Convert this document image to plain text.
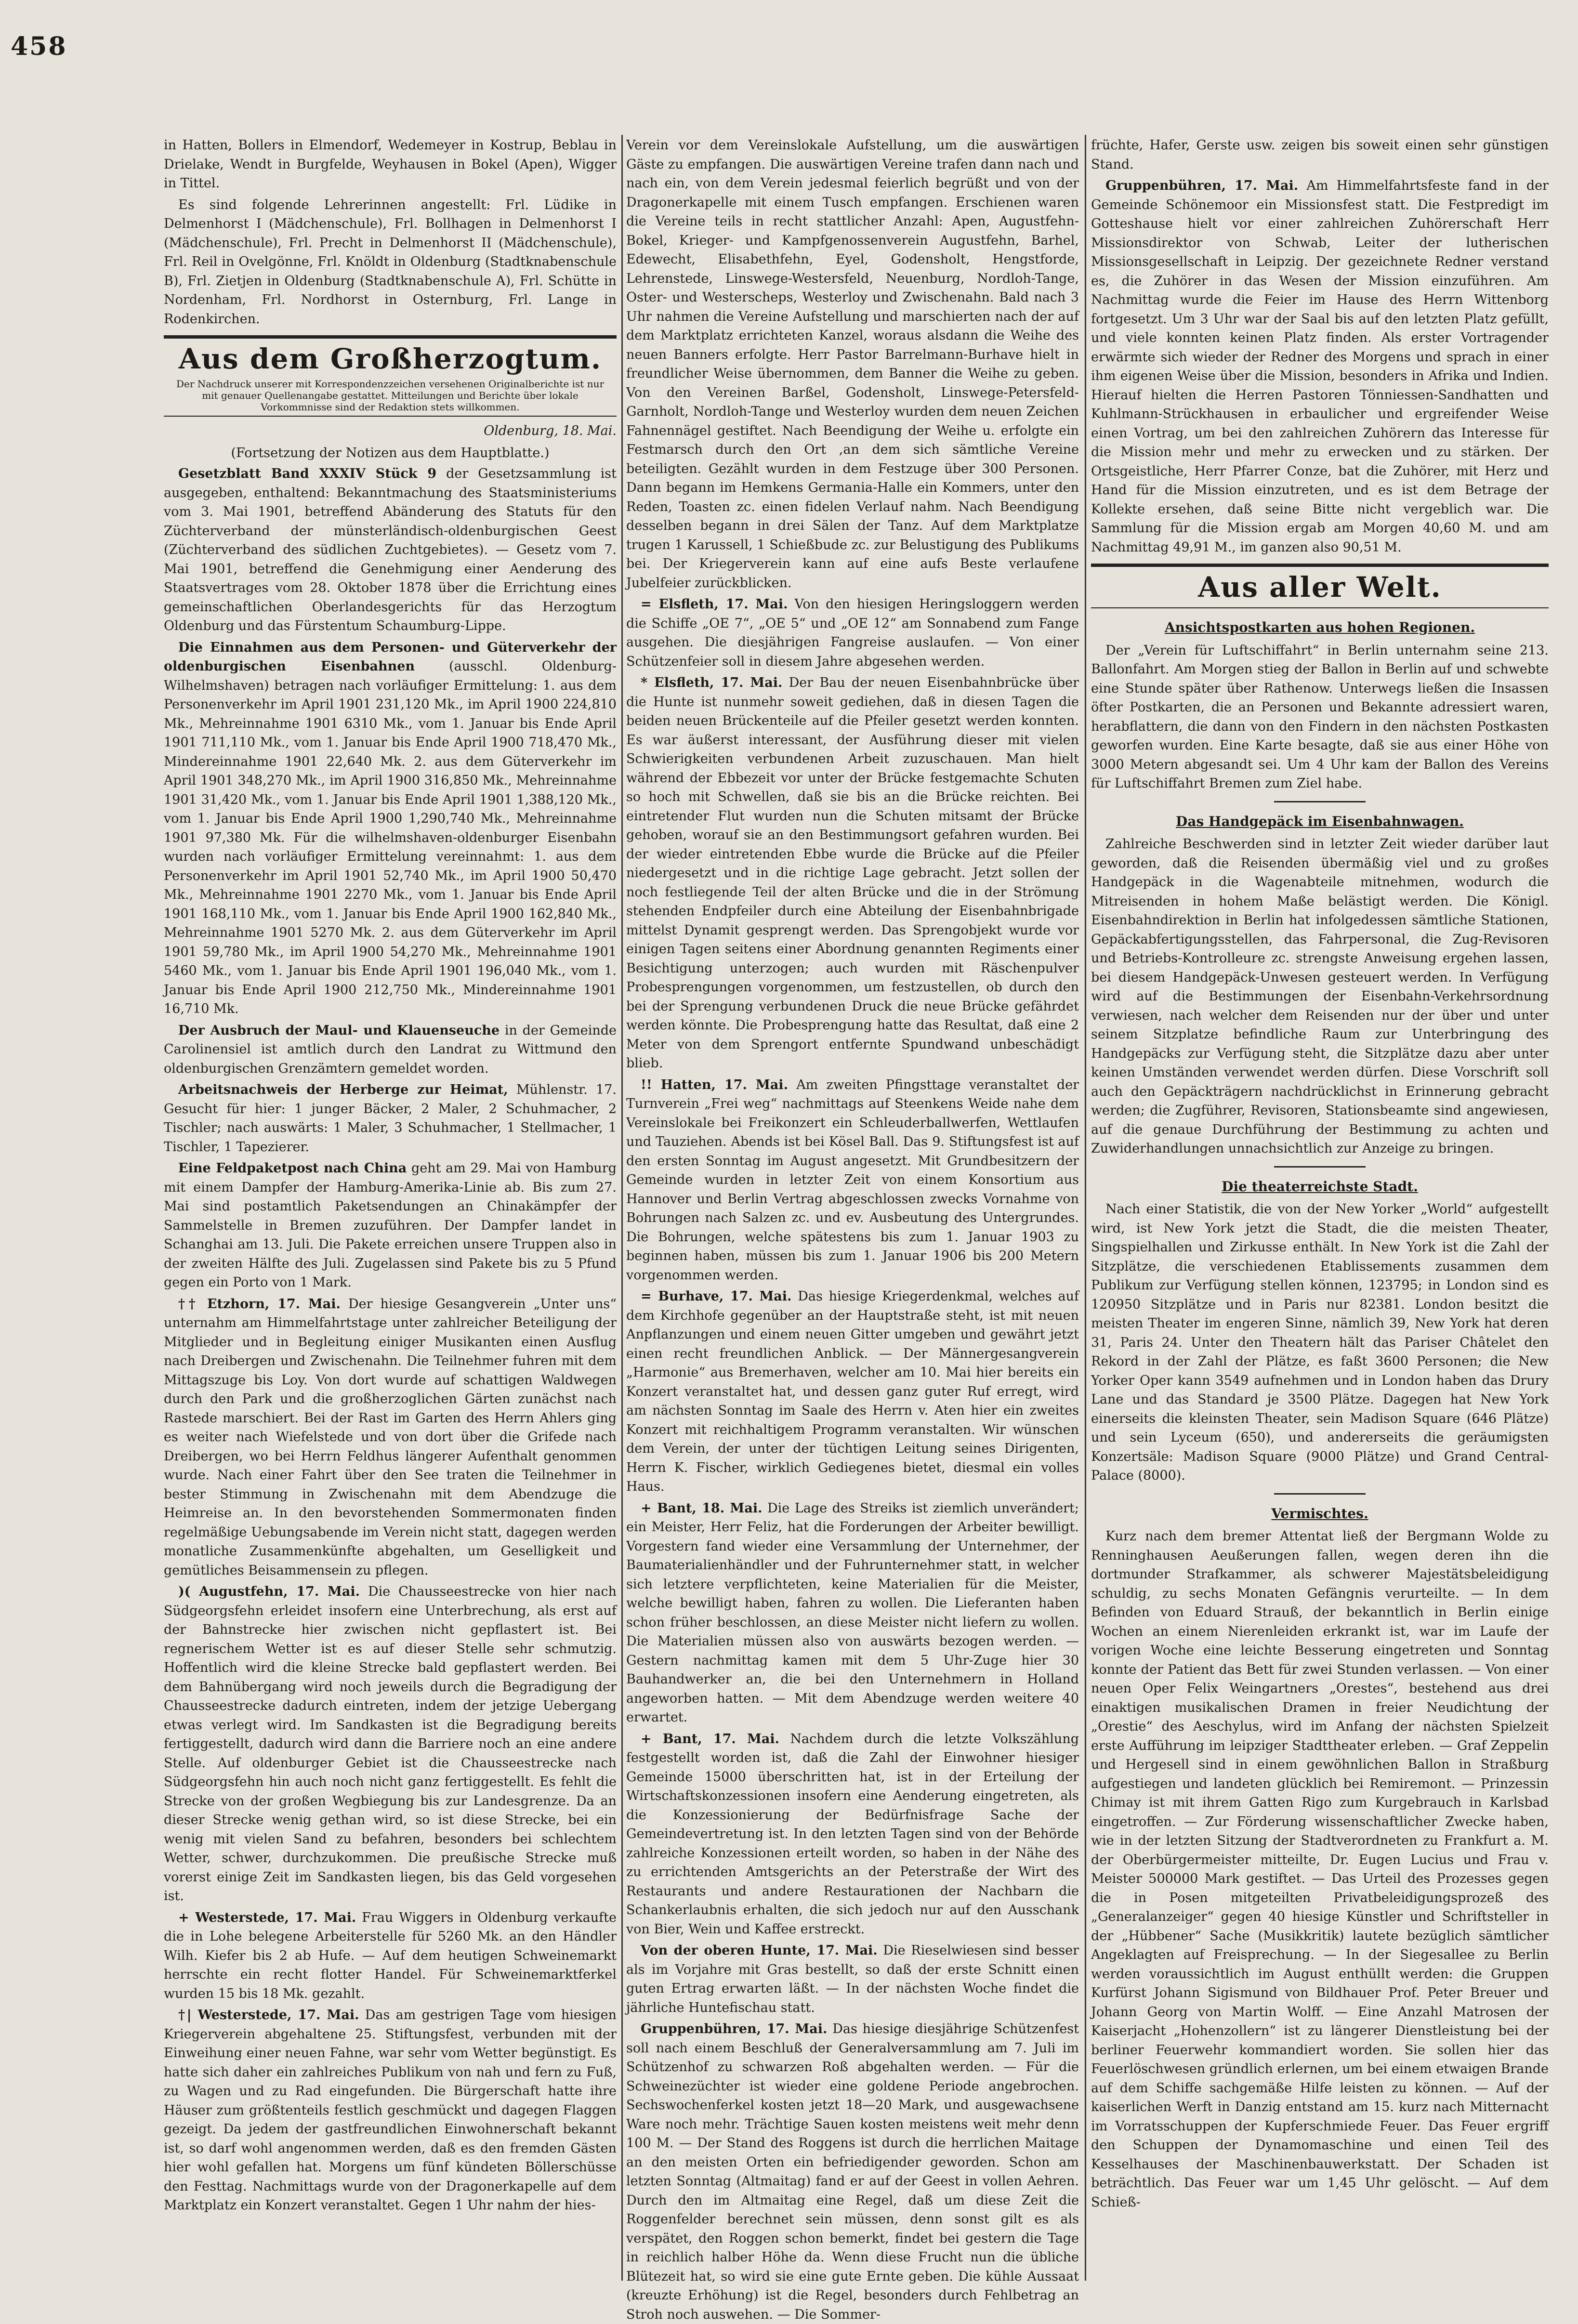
458

in Hatten, Bollers in Elmendorf, Wedemeyer in Kostrup, Beblau in Drielake, Wendt in Burgfelde, Weyhausen in Bokel (Apen), Wigger in Tittel.

Es sind folgende Lehrerinnen angestellt: Frl. Lüdike in Delmenhorst I (Mädchenschule), Frl. Bollhagen in Delmenhorst I (Mädchenschule), Frl. Precht in Delmenhorst II (Mädchenschule), Frl. Reil in Ovelgönne, Frl. Knöldt in Oldenburg (Stadtknabenschule B), Frl. Zietjen in Oldenburg (Stadtknabenschule A), Frl. Schütte in Nordenham, Frl. Nordhorst in Osternburg, Frl. Lange in Rodenkirchen.

Aus dem Großherzogtum.
Der Nachdruck unserer mit Korrespondenzzeichen versehenen Originalberichte ist nur mit genauer Quellenangabe gestattet. Mitteilungen und Berichte über lokale Vorkommnisse sind der Redaktion stets willkommen.
Oldenburg, 18. Mai.
(Fortsetzung der Notizen aus dem Hauptblatte.)

Gesetzblatt Band XXXIV Stück 9 der Gesetzsammlung ist ausgegeben, enthaltend: Bekanntmachung des Staatsministeriums vom 3. Mai 1901, betreffend Abänderung des Statuts für den Züchterverband der münsterländisch-oldenburgischen Geest (Züchterverband des südlichen Zuchtgebietes). — Gesetz vom 7. Mai 1901, betreffend die Genehmigung einer Aenderung des Staatsvertrages vom 28. Oktober 1878 über die Errichtung eines gemeinschaftlichen Oberlandesgerichts für das Herzogtum Oldenburg und das Fürstentum Schaumburg-Lippe.

Die Einnahmen aus dem Personen- und Güterverkehr der oldenburgischen Eisenbahnen	(ausschl. Oldenburg-Wilhelmshaven) betragen nach vorläufiger Ermittelung: 1. aus dem Personenverkehr im April 1901 231,120 Mk., im April 1900 224,810 Mk., Mehreinnahme 1901 6310 Mk., vom 1. Januar bis Ende April 1901 711,110 Mk., vom 1. Januar bis Ende April 1900 718,470 Mk., Mindereinnahme 1901 22,640 Mk. 2. aus dem Güterverkehr im April 1901 348,270 Mk., im April 1900 316,850 Mk., Mehreinnahme 1901 31,420 Mk., vom 1. Januar bis Ende April 1901 1,388,120 Mk., vom 1. Januar bis Ende April 1900 1,290,740 Mk., Mehreinnahme 1901 97,380 Mk. Für die wilhelmshaven-oldenburger Eisenbahn wurden nach vorläufiger Ermittelung vereinnahmt: 1. aus dem Personenverkehr im April 1901 52,740 Mk., im April 1900 50,470 Mk., Mehreinnahme 1901 2270 Mk., vom 1. Januar bis Ende April 1901 168,110 Mk., vom 1. Januar bis Ende April 1900 162,840 Mk., Mehreinnahme 1901 5270 Mk. 2. aus dem Güterverkehr im April 1901 59,780 Mk., im April 1900 54,270 Mk., Mehreinnahme 1901 5460 Mk., vom 1. Januar bis Ende April 1901 196,040 Mk., vom 1. Januar bis Ende April 1900 212,750 Mk., Mindereinnahme 1901 16,710 Mk.

Der Ausbruch der Maul- und Klauenseuche in der Gemeinde Carolinensiel ist amtlich durch den Landrat zu Wittmund den oldenburgischen Grenzämtern gemeldet worden.

Arbeitsnachweis der Herberge zur Heimat, Mühlenstr. 17. Gesucht für hier: 1 junger Bäcker, 2 Maler, 2 Schuhmacher, 2 Tischler; nach auswärts: 1 Maler, 3 Schuhmacher, 1 Stellmacher, 1 Tischler, 1 Tapezierer.

Eine Feldpaketpost nach China geht am 29. Mai von Hamburg mit einem Dampfer der Hamburg-Amerika-Linie ab. Bis zum 27. Mai sind postamtlich Paketsendungen an Chinakämpfer der Sammelstelle in Bremen zuzuführen. Der Dampfer landet in Schanghai am 13. Juli. Die Pakete erreichen unsere Truppen also in der zweiten Hälfte des Juli. Zugelassen sind Pakete bis zu 5 Pfund gegen ein Porto von 1 Mark.

†† Etzhorn, 17. Mai. Der hiesige Gesangverein „Unter uns“ unternahm am Himmelfahrtstage unter zahlreicher Beteiligung der Mitglieder und in Begleitung einiger Musikanten einen Ausflug nach Dreibergen und Zwischenahn. Die Teilnehmer fuhren mit dem Mittagszuge bis Loy. Von dort wurde auf schattigen Waldwegen durch den Park und die großherzoglichen Gärten zunächst nach Rastede marschiert. Bei der Rast im Garten des Herrn Ahlers ging es weiter nach Wiefelstede und von dort über die Grifede nach Dreibergen, wo bei Herrn Feldhus längerer Aufenthalt genommen wurde. Nach einer Fahrt über den See traten die Teilnehmer in bester Stimmung in Zwischenahn mit dem Abendzuge die Heimreise an. In den bevorstehenden Sommermonaten finden regelmäßige Uebungsabende im Verein nicht statt, dagegen werden monatliche Zusammenkünfte abgehalten, um Geselligkeit und gemütliches Beisammensein zu pflegen.

)( Augustfehn, 17. Mai. Die Chausseestrecke von hier nach Südgeorgsfehn erleidet insofern eine Unterbrechung, als erst auf der Bahnstrecke hier zwischen nicht gepflastert ist. Bei regnerischem Wetter ist es auf dieser Stelle sehr schmutzig. Hoffentlich wird die kleine Strecke bald gepflastert werden. Bei dem Bahnübergang wird noch jeweils durch die Begradigung der Chausseestrecke dadurch eintreten, indem der jetzige Uebergang etwas verlegt wird. Im Sandkasten ist die Begradigung bereits fertiggestellt, dadurch wird dann die Barriere noch an eine andere Stelle. Auf oldenburger Gebiet ist die Chausseestrecke nach Südgeorgsfehn hin auch noch nicht ganz fertiggestellt. Es fehlt die Strecke von der großen Wegbiegung bis zur Landesgrenze. Da an dieser Strecke wenig gethan wird, so ist diese Strecke, bei ein wenig mit vielen Sand zu befahren, besonders bei schlechtem Wetter, schwer, durchzukommen. Die preußische Strecke muß vorerst einige Zeit im Sandkasten liegen, bis das Geld vorgesehen ist.

+ Westerstede, 17. Mai. Frau Wiggers in Oldenburg verkaufte die in Lohe belegene Arbeiterstelle für 5260 Mk. an den Händler Wilh. Kiefer bis 2 ab Hufe. — Auf dem heutigen Schweinemarkt herrschte ein recht flotter Handel. Für Schweinemarktferkel wurden 15 bis 18 Mk. gezahlt.

†| Westerstede, 17. Mai. Das am gestrigen Tage vom hiesigen Kriegerverein abgehaltene 25. Stiftungsfest, verbunden mit der Einweihung einer neuen Fahne, war sehr vom Wetter begünstigt. Es hatte sich daher ein zahlreiches Publikum von nah und fern zu Fuß, zu Wagen und zu Rad eingefunden. Die Bürgerschaft hatte ihre Häuser zum größtenteils festlich geschmückt und dagegen Flaggen gezeigt. Da jedem der gastfreundlichen Einwohnerschaft bekannt ist, so darf wohl angenommen werden, daß es den fremden Gästen hier wohl gefallen hat. Morgens um fünf kündeten Böllerschüsse den Festtag. Nachmittags wurde von der Dragonerkapelle auf dem Marktplatz ein Konzert veranstaltet. Gegen 1 Uhr nahm der hies-

Verein vor dem Vereinslokale Aufstellung, um die auswärtigen Gäste zu empfangen. Die auswärtigen Vereine trafen dann nach und nach ein, von dem Verein jedesmal feierlich begrüßt und von der Dragonerkapelle mit einem Tusch empfangen. Erschienen waren die Vereine teils in recht stattlicher Anzahl: Apen, Augustfehn-Bokel, Krieger- und Kampfgenossenverein Augustfehn, Barhel, Edewecht, Elisabethfehn, Eyel, Godensholt, Hengstforde, Lehrenstede, Linswege-Westersfeld, Neuenburg, Nordloh-Tange, Oster- und Westerscheps, Westerloy und Zwischenahn. Bald nach 3 Uhr nahmen die Vereine Aufstellung und marschierten nach der auf dem Marktplatz errichteten Kanzel, woraus alsdann die Weihe des neuen Banners erfolgte. Herr Pastor Barrelmann-Burhave hielt in freundlicher Weise übernommen, dem Banner die Weihe zu geben. Von den Vereinen Barßel, Godensholt, Linswege-Petersfeld-Garnholt, Nordloh-Tange und Westerloy wurden dem neuen Zeichen Fahnennägel gestiftet. Nach Beendigung der Weihe u. erfolgte ein Festmarsch durch den Ort ,an dem sich sämtliche Vereine beteiligten. Gezählt wurden in dem Festzuge über 300 Personen. Dann begann im Hemkens Germania-Halle ein Kommers, unter den Reden, Toasten zc. einen fidelen Verlauf nahm. Nach Beendigung desselben begann in drei Sälen der Tanz. Auf dem Marktplatze trugen 1 Karussell, 1 Schießbude zc. zur Belustigung des Publikums bei. Der Kriegerverein kann auf eine aufs Beste verlaufene Jubelfeier zurückblicken.

= Elsfleth, 17. Mai. Von den hiesigen Heringsloggern werden die Schiffe „OE 7“, „OE 5“ und „OE 12“ am Sonnabend zum Fange ausgehen. Die diesjährigen Fangreise auslaufen. — Von einer Schützenfeier soll in diesem Jahre abgesehen werden.

* Elsfleth, 17. Mai. Der Bau der neuen Eisenbahnbrücke über die Hunte ist nunmehr soweit gediehen, daß in diesen Tagen die beiden neuen Brückenteile auf die Pfeiler gesetzt werden konnten. Es war äußerst interessant, der Ausführung dieser mit vielen Schwierigkeiten verbundenen Arbeit zuzuschauen. Man hielt während der Ebbezeit vor unter der Brücke festgemachte Schuten so hoch mit Schwellen, daß sie bis an die Brücke reichten. Bei eintretender Flut wurden nun die Schuten mitsamt der Brücke gehoben, worauf sie an den Bestimmungsort gefahren wurden. Bei der wieder eintretenden Ebbe wurde die Brücke auf die Pfeiler niedergesetzt und in die richtige Lage gebracht. Jetzt sollen der noch festliegende Teil der alten Brücke und die in der Strömung stehenden Endpfeiler durch eine Abteilung der Eisenbahnbrigade mittelst Dynamit gesprengt werden. Das Sprengobjekt wurde vor einigen Tagen seitens einer Abordnung genannten Regiments einer Besichtigung unterzogen; auch wurden mit Räschenpulver Probesprengungen vorgenommen, um festzustellen, ob durch den bei der Sprengung verbundenen Druck die neue Brücke gefährdet werden könnte. Die Probesprengung hatte das Resultat, daß eine 2 Meter von dem Sprengort entfernte Spundwand unbeschädigt blieb.

!! Hatten, 17. Mai. Am zweiten Pfingsttage veranstaltet der Turnverein „Frei weg“ nachmittags auf Steenkens Weide nahe dem Vereinslokale bei Freikonzert ein Schleuderballwerfen, Wettlaufen und Tauziehen. Abends ist bei Kösel Ball. Das 9. Stiftungsfest ist auf den ersten Sonntag im August angesetzt. Mit Grundbesitzern der Gemeinde wurden in letzter Zeit von einem Konsortium aus Hannover und Berlin Vertrag abgeschlossen zwecks Vornahme von Bohrungen nach Salzen zc. und ev. Ausbeutung des Untergrundes. Die Bohrungen, welche spätestens bis zum 1. Januar 1903 zu beginnen haben, müssen bis zum 1. Januar 1906 bis 200 Metern vorgenommen werden.

= Burhave, 17. Mai. Das hiesige Kriegerdenkmal, welches auf dem Kirchhofe gegenüber an der Hauptstraße steht, ist mit neuen Anpflanzungen und einem neuen Gitter umgeben und gewährt jetzt einen recht freundlichen Anblick. — Der Männergesangverein „Harmonie“ aus Bremerhaven, welcher am 10. Mai hier bereits ein Konzert veranstaltet hat, und dessen ganz guter Ruf erregt, wird am nächsten Sonntag im Saale des Herrn v. Aten hier ein zweites Konzert mit reichhaltigem Programm veranstalten. Wir wünschen dem Verein, der unter der tüchtigen Leitung seines Dirigenten, Herrn K. Fischer, wirklich Gediegenes bietet, diesmal ein volles Haus.

+ Bant, 18. Mai. Die Lage des Streiks ist ziemlich unverändert; ein Meister, Herr Feliz, hat die Forderungen der Arbeiter bewilligt. Vorgestern fand wieder eine Versammlung der Unternehmer, der Baumaterialienhändler und der Fuhrunternehmer statt, in welcher sich letztere verpflichteten, keine Materialien für die Meister, welche bewilligt haben, fahren zu wollen. Die Lieferanten haben schon früher beschlossen, an diese Meister nicht liefern zu wollen. Die Materialien müssen also von auswärts bezogen werden. — Gestern nachmittag kamen mit dem 5 Uhr-Zuge hier 30 Bauhandwerker an, die bei den Unternehmern in Holland angeworben hatten. — Mit dem Abendzuge werden weitere 40 erwartet.

+ Bant, 17. Mai. Nachdem durch die letzte Volkszählung festgestellt worden ist, daß die Zahl der Einwohner hiesiger Gemeinde 15000 überschritten hat, ist in der Erteilung der Wirtschaftskonzessionen insofern eine Aenderung eingetreten, als die Konzessionierung der Bedürfnisfrage Sache der Gemeindevertretung ist. In den letzten Tagen sind von der Behörde zahlreiche Konzessionen erteilt worden, so haben in der Nähe des zu errichtenden Amtsgerichts an der Peterstraße der Wirt des Restaurants und andere Restaurationen der Nachbarn die Schankerlaubnis erhalten, die sich jedoch nur auf den Ausschank von Bier, Wein und Kaffee erstreckt.

Von der oberen Hunte, 17. Mai. Die Rieselwiesen sind besser als im Vorjahre mit Gras bestellt, so daß der erste Schnitt einen guten Ertrag erwarten läßt. — In der nächsten Woche findet die jährliche Huntefischau statt.

Gruppenbühren, 17. Mai. Das hiesige diesjährige Schützenfest soll nach einem Beschluß der Generalversammlung am 7. Juli im Schützenhof zu schwarzen Roß abgehalten werden. — Für die Schweinezüchter ist wieder eine goldene Periode angebrochen. Sechswochenferkel kosten jetzt 18—20 Mark, und ausgewachsene Ware noch mehr. Trächtige Sauen kosten meistens weit mehr denn 100 M. — Der Stand des Roggens ist durch die herrlichen Maitage an den meisten Orten ein befriedigender geworden. Schon am letzten Sonntag (Altmaitag) fand er auf der Geest in vollen Aehren. Durch den im Altmaitag eine Regel, daß um diese Zeit die Roggenfelder berechnet sein müssen, denn sonst gilt es als verspätet, den Roggen schon bemerkt, findet bei gestern die Tage in reichlich halber Höhe da. Wenn diese Frucht nun die übliche Blütezeit hat, so wird sie eine gute Ernte geben. Die kühle Aussaat (kreuzte Erhöhung) ist die Regel, besonders durch Fehlbetrag an Stroh noch auswehen. — Die Sommer-

früchte, Hafer, Gerste usw. zeigen bis soweit einen sehr günstigen Stand.

Gruppenbühren, 17. Mai. Am Himmelfahrtsfeste fand in der Gemeinde Schönemoor ein Missionsfest statt. Die Festpredigt im Gotteshause hielt vor einer zahlreichen Zuhörerschaft Herr Missionsdirektor von Schwab, Leiter der lutherischen Missionsgesellschaft in Leipzig. Der gezeichnete Redner verstand es, die Zuhörer in das Wesen der Mission einzuführen. Am Nachmittag wurde die Feier im Hause des Herrn Wittenborg fortgesetzt. Um 3 Uhr war der Saal bis auf den letzten Platz gefüllt, und viele konnten keinen Platz finden. Als erster Vortragender erwärmte sich wieder der Redner des Morgens und sprach in einer ihm eigenen Weise über die Mission, besonders in Afrika und Indien. Hierauf hielten die Herren Pastoren Tönniessen-Sandhatten und Kuhlmann-Strückhausen in erbaulicher und ergreifender Weise einen Vortrag, um bei den zahlreichen Zuhörern das Interesse für die Mission mehr und mehr zu erwecken und zu stärken. Der Ortsgeistliche, Herr Pfarrer Conze, bat die Zuhörer, mit Herz und Hand für die Mission einzutreten, und es ist dem Betrage der Kollekte ersehen, daß seine Bitte nicht vergeblich war. Die Sammlung für die Mission ergab am Morgen 40,60 M. und am Nachmittag 49,91 M., im ganzen also 90,51 M.

Aus aller Welt.
Ansichtspostkarten aus hohen Regionen.

Der „Verein für Luftschiffahrt“ in Berlin unternahm seine 213. Ballonfahrt. Am Morgen stieg der Ballon in Berlin auf und schwebte eine Stunde später über Rathenow. Unterwegs ließen die Insassen öfter Postkarten, die an Personen und Bekannte adressiert waren, herabflattern, die dann von den Findern in den nächsten Postkasten geworfen wurden. Eine Karte besagte, daß sie aus einer Höhe von 3000 Metern abgesandt sei. Um 4 Uhr kam der Ballon des Vereins für Luftschiffahrt Bremen zum Ziel habe.

Das Handgepäck im Eisenbahnwagen.

Zahlreiche Beschwerden sind in letzter Zeit wieder darüber laut geworden, daß die Reisenden übermäßig viel und zu großes Handgepäck in die Wagenabteile mitnehmen, wodurch die Mitreisenden in hohem Maße belästigt werden. Die Königl. Eisenbahndirektion in Berlin hat infolgedessen sämtliche Stationen, Gepäckabfertigungsstellen, das Fahrpersonal, die Zug-Revisoren und Betriebs-Kontrolleure zc. strengste Anweisung ergehen lassen, bei diesem Handgepäck-Unwesen gesteuert werden. In Verfügung wird auf die Bestimmungen der Eisenbahn-Verkehrsordnung verwiesen, nach welcher dem Reisenden nur der über und unter seinem Sitzplatze befindliche Raum zur Unterbringung des Handgepäcks zur Verfügung steht, die Sitzplätze dazu aber unter keinen Umständen verwendet werden dürfen. Diese Vorschrift soll auch den Gepäckträgern nachdrücklichst in Erinnerung gebracht werden; die Zugführer, Revisoren, Stationsbeamte sind angewiesen, auf die genaue Durchführung der Bestimmung zu achten und Zuwiderhandlungen unnachsichtlich zur Anzeige zu bringen.

Die theaterreichste Stadt.

Nach einer Statistik, die von der New Yorker „World“ aufgestellt wird, ist New York jetzt die Stadt, die die meisten Theater, Singspielhallen und Zirkusse enthält. In New York ist die Zahl der Sitzplätze, die verschiedenen Etablissements zusammen dem Publikum zur Verfügung stellen können, 123795; in London sind es 120950 Sitzplätze und in Paris nur 82381. London besitzt die meisten Theater im engeren Sinne, nämlich 39, New York hat deren 31, Paris 24. Unter den Theatern hält das Pariser Châtelet den Rekord in der Zahl der Plätze, es faßt 3600 Personen; die New Yorker Oper kann 3549 aufnehmen und in London haben das Drury Lane und das Standard je 3500 Plätze. Dagegen hat New York einerseits die kleinsten Theater, sein Madison Square (646 Plätze) und sein Lyceum (650), und andererseits die geräumigsten Konzertsäle: Madison Square (9000 Plätze) und Grand Central-Palace (8000).

Vermischtes.

Kurz nach dem bremer Attentat ließ der Bergmann Wolde zu Renninghausen Aeußerungen fallen, wegen deren ihn die dortmunder Strafkammer, als schwerer Majestätsbeleidigung schuldig, zu sechs Monaten Gefängnis verurteilte. — In dem Befinden von Eduard Strauß, der bekanntlich in Berlin einige Wochen an einem Nierenleiden erkrankt ist, war im Laufe der vorigen Woche eine leichte Besserung eingetreten und Sonntag konnte der Patient das Bett für zwei Stunden verlassen. — Von einer neuen Oper Felix Weingartners „Orestes“, bestehend aus drei einaktigen musikalischen Dramen in freier Neudichtung der „Orestie“ des Aeschylus, wird im Anfang der nächsten Spielzeit erste Aufführung im leipziger Stadttheater erleben. — Graf Zeppelin und Hergesell sind in einem gewöhnlichen Ballon in Straßburg aufgestiegen und landeten glücklich bei Remiremont. — Prinzessin Chimay ist mit ihrem Gatten Rigo zum Kurgebrauch in Karlsbad eingetroffen. — Zur Förderung wissenschaftlicher Zwecke haben, wie in der letzten Sitzung der Stadtverordneten zu Frankfurt a. M. der Oberbürgermeister mitteilte, Dr. Eugen Lucius und Frau v. Meister 500000 Mark gestiftet. — Das Urteil des Prozesses gegen die in Posen mitgeteilten Privatbeleidigungsprozeß des „Generalanzeiger“ gegen 40 hiesige Künstler und Schriftsteller in der „Hübbener“ Sache (Musikkritik) lautete bezüglich sämtlicher Angeklagten auf Freisprechung. — In der Siegesallee zu Berlin werden voraussichtlich im August enthüllt werden: die Gruppen Kurfürst Johann Sigismund von Bildhauer Prof. Peter Breuer und Johann Georg von Martin Wolff. — Eine Anzahl Matrosen der Kaiserjacht „Hohenzollern“ ist zu längerer Dienstleistung bei der berliner Feuerwehr kommandiert worden. Sie sollen hier das Feuerlöschwesen gründlich erlernen, um bei einem etwaigen Brande auf dem Schiffe sachgemäße Hilfe leisten zu können. — Auf der kaiserlichen Werft in Danzig entstand am 15. kurz nach Mitternacht im Vorratsschuppen der Kupferschmiede Feuer. Das Feuer ergriff den Schuppen der Dynamomaschine und einen Teil des Kesselhauses der Maschinenbauwerkstatt. Der Schaden ist beträchtlich. Das Feuer war um 1,45 Uhr gelöscht. — Auf dem Schieß-
